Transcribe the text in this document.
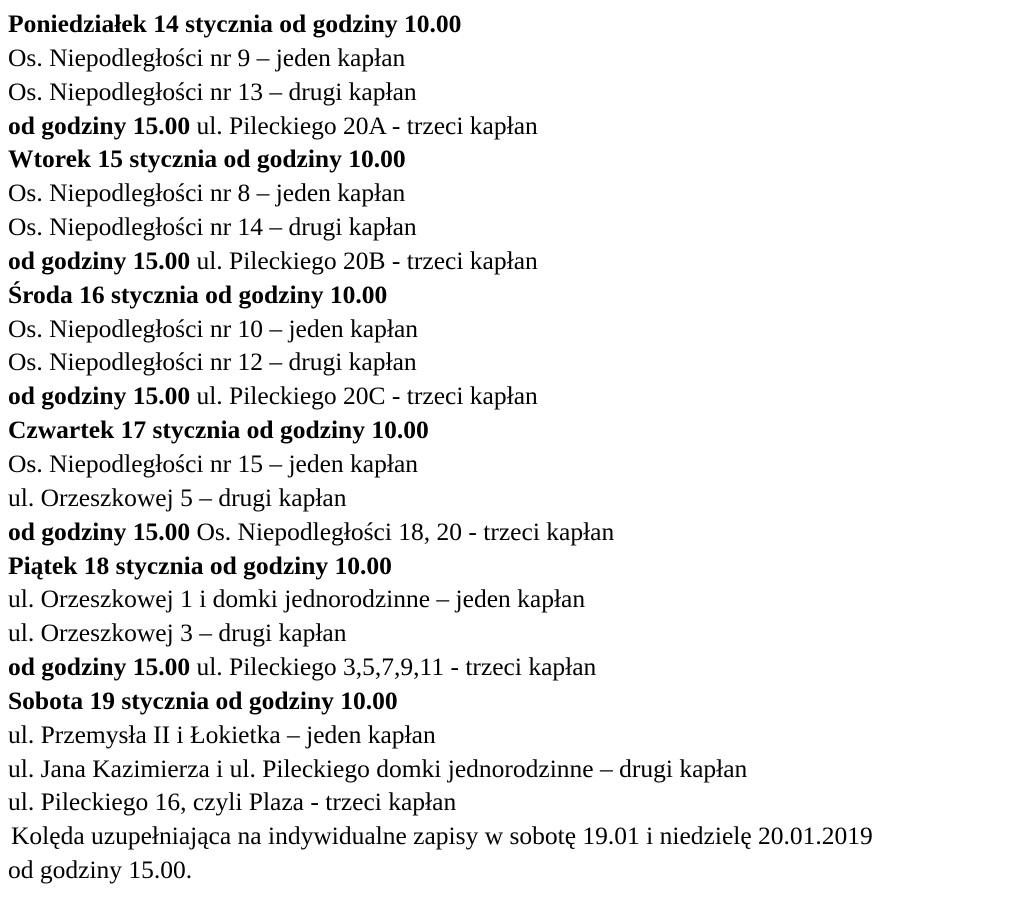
Poniedziałek 14 stycznia od godziny 10.00
Os. Niepodległości nr 9 – jeden kapłan
Os. Niepodległości nr 13 – drugi kapłan
od godziny 15.00 ul. Pileckiego 20A - trzeci kapłan
Wtorek 15 stycznia od godziny 10.00
Os. Niepodległości nr 8 – jeden kapłan
Os. Niepodległości nr 14 – drugi kapłan
od godziny 15.00 ul. Pileckiego 20B - trzeci kapłan
Środa 16 stycznia od godziny 10.00
Os. Niepodległości nr 10 – jeden kapłan
Os. Niepodległości nr 12 – drugi kapłan
od godziny 15.00 ul. Pileckiego 20C - trzeci kapłan
Czwartek 17 stycznia od godziny 10.00
Os. Niepodległości nr 15 – jeden kapłan
ul. Orzeszkowej 5 – drugi kapłan
od godziny 15.00 Os. Niepodległości 18, 20 - trzeci kapłan
Piątek 18 stycznia od godziny 10.00
ul. Orzeszkowej 1 i domki jednorodzinne – jeden kapłan
ul. Orzeszkowej 3 – drugi kapłan
od godziny 15.00 ul. Pileckiego 3,5,7,9,11 - trzeci kapłan
Sobota 19 stycznia od godziny 10.00
ul. Przemysła II i Łokietka – jeden kapłan
ul. Jana Kazimierza i ul. Pileckiego domki jednorodzinne – drugi kapłan
ul. Pileckiego 16, czyli Plaza - trzeci kapłan
Kolęda uzupełniająca na indywidualne zapisy w sobotę 19.01 i niedzielę 20.01.2019
od godziny 15.00.
